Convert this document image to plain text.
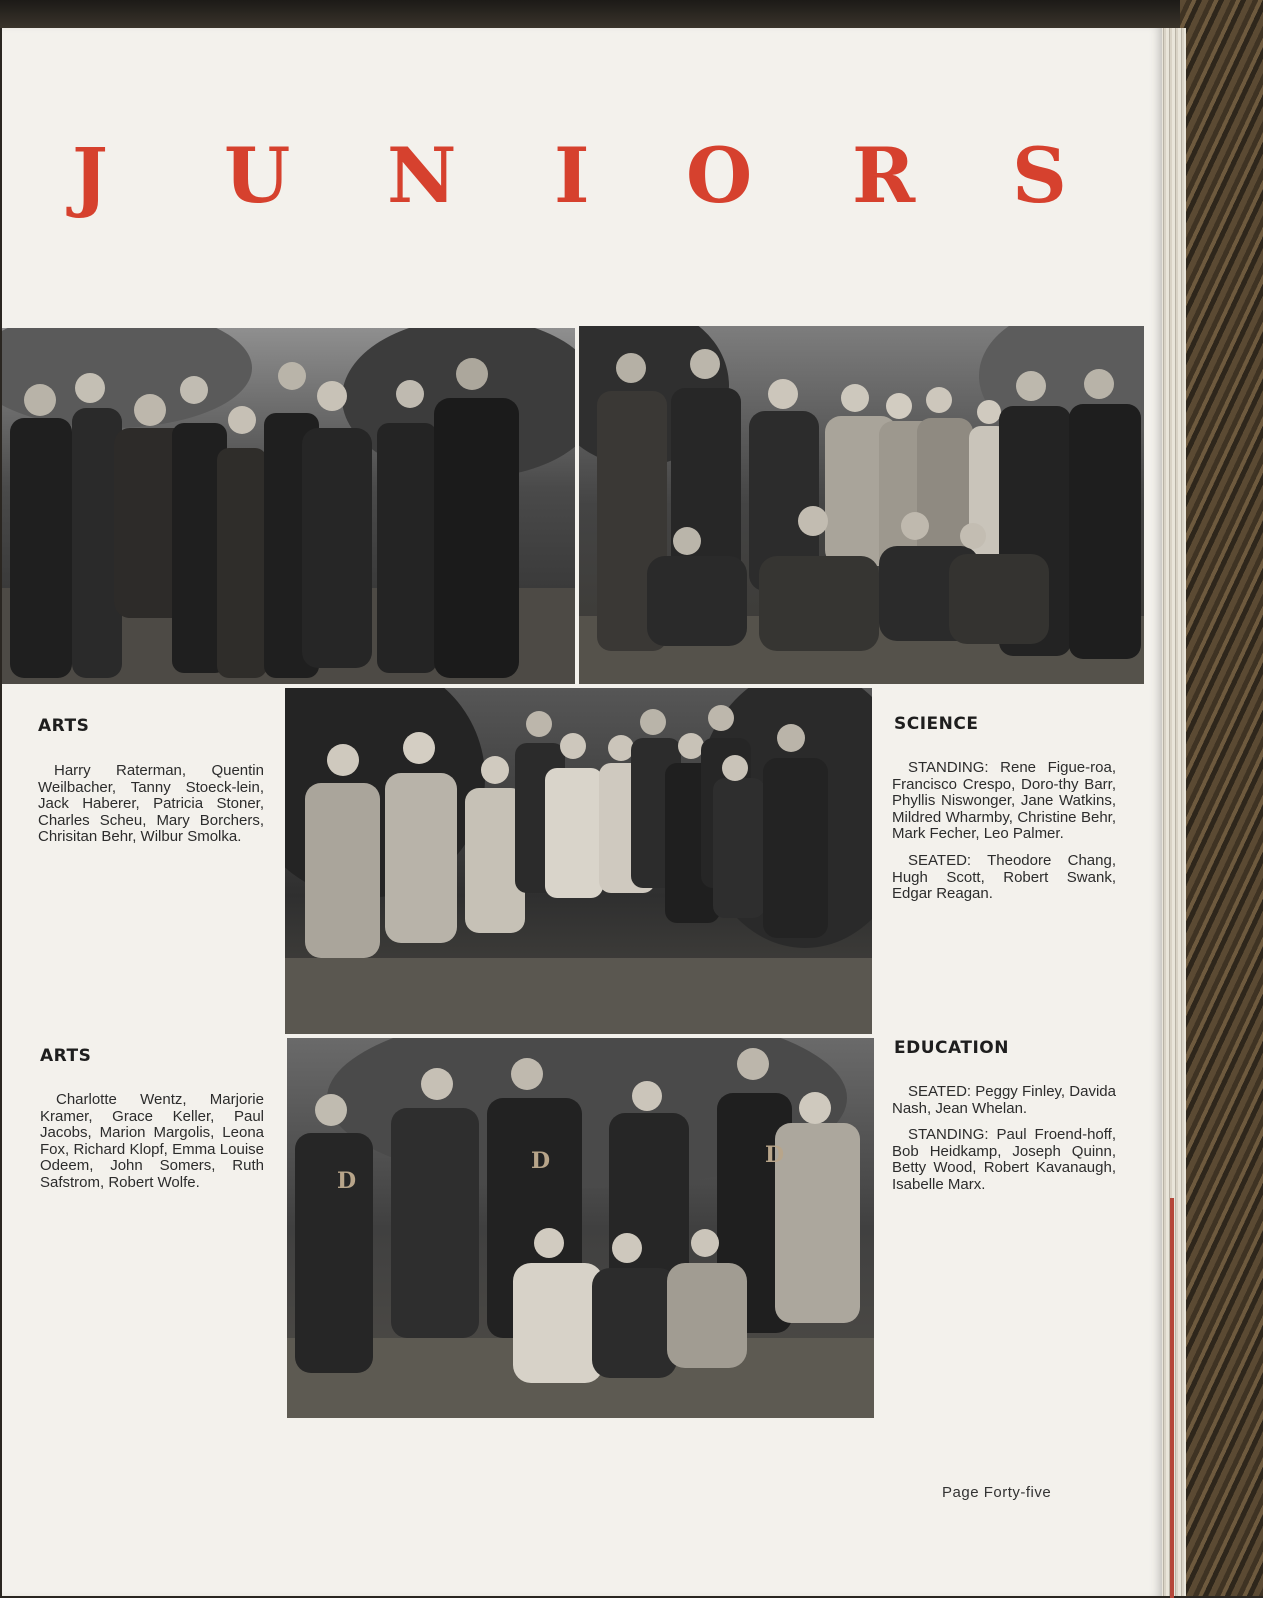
J U N I O R S
D
D	D
ARTS

Harry Raterman, Quentin Weilbacher, Tanny Stoeck-lein, Jack Haberer, Patricia Stoner, Charles Scheu, Mary Borchers, Chrisitan Behr, Wilbur Smolka.

SCIENCE

STANDING: Rene Figue-roa, Francisco Crespo, Doro-thy Barr, Phyllis Niswonger, Jane Watkins, Mildred Wharmby, Christine Behr, Mark Fecher, Leo Palmer.

SEATED: Theodore Chang, Hugh Scott, Robert Swank, Edgar Reagan.

ARTS

Charlotte Wentz, Marjorie Kramer, Grace Keller, Paul Jacobs, Marion Margolis, Leona Fox, Richard Klopf, Emma Louise Odeem, John Somers, Ruth Safstrom, Robert Wolfe.

EDUCATION

SEATED: Peggy Finley, Davida Nash, Jean Whelan.

STANDING: Paul Froend-hoff, Bob Heidkamp, Joseph Quinn, Betty Wood, Robert Kavanaugh, Isabelle Marx.

Page Forty-five
